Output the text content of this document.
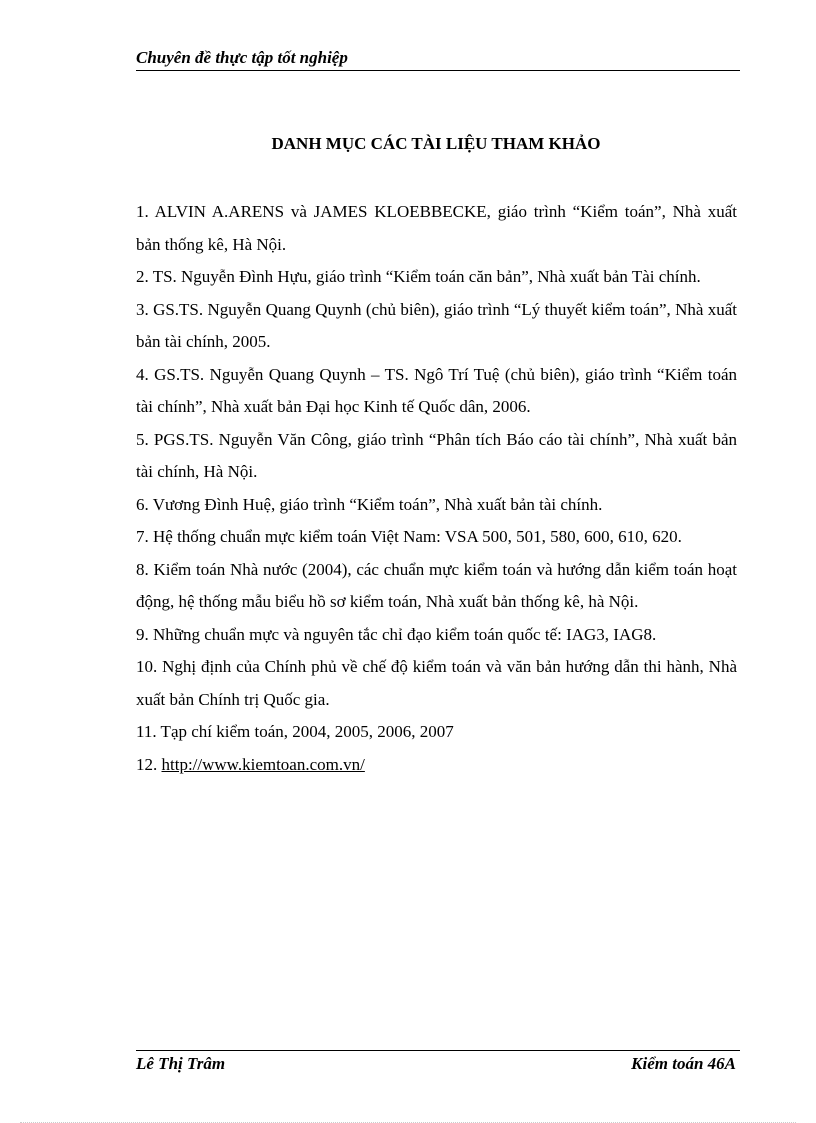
Chuyên đề thực tập tốt nghiệp
DANH MỤC CÁC TÀI LIỆU THAM KHẢO
1. ALVIN A.ARENS và JAMES KLOEBBECKE, giáo trình “Kiểm toán”, Nhà xuất bản thống kê, Hà Nội.
2. TS. Nguyễn Đình Hựu, giáo trình “Kiểm toán căn bản”, Nhà xuất bản Tài chính.
3. GS.TS. Nguyễn Quang Quynh (chủ biên), giáo trình “Lý thuyết kiểm toán”, Nhà xuất bản tài chính, 2005.
4. GS.TS. Nguyễn Quang Quynh – TS. Ngô Trí Tuệ (chủ biên), giáo trình “Kiểm toán tài chính”, Nhà xuất bản Đại học Kinh tế Quốc dân, 2006.
5. PGS.TS. Nguyễn Văn Công, giáo trình “Phân tích Báo cáo tài chính”, Nhà xuất bản tài chính, Hà Nội.
6. Vương Đình Huệ, giáo trình “Kiểm toán”, Nhà xuất bản tài chính.
7. Hệ thống chuẩn mực kiểm toán Việt Nam: VSA 500, 501, 580, 600, 610, 620.
8. Kiểm toán Nhà nước (2004), các chuẩn mực kiểm toán và hướng dẫn kiểm toán hoạt động, hệ thống mẫu biểu hồ sơ kiểm toán, Nhà xuất bản thống kê, hà Nội.
9. Những chuẩn mực và nguyên tắc chỉ đạo kiểm toán quốc tế: IAG3, IAG8.
10. Nghị định của Chính phủ về chế độ kiểm toán và văn bản hướng dẫn thi hành, Nhà xuất bản Chính trị Quốc gia.
11. Tạp chí kiểm toán, 2004, 2005, 2006, 2007
12. http://www.kiemtoan.com.vn/
Lê Thị Trâm	Kiểm toán 46A
